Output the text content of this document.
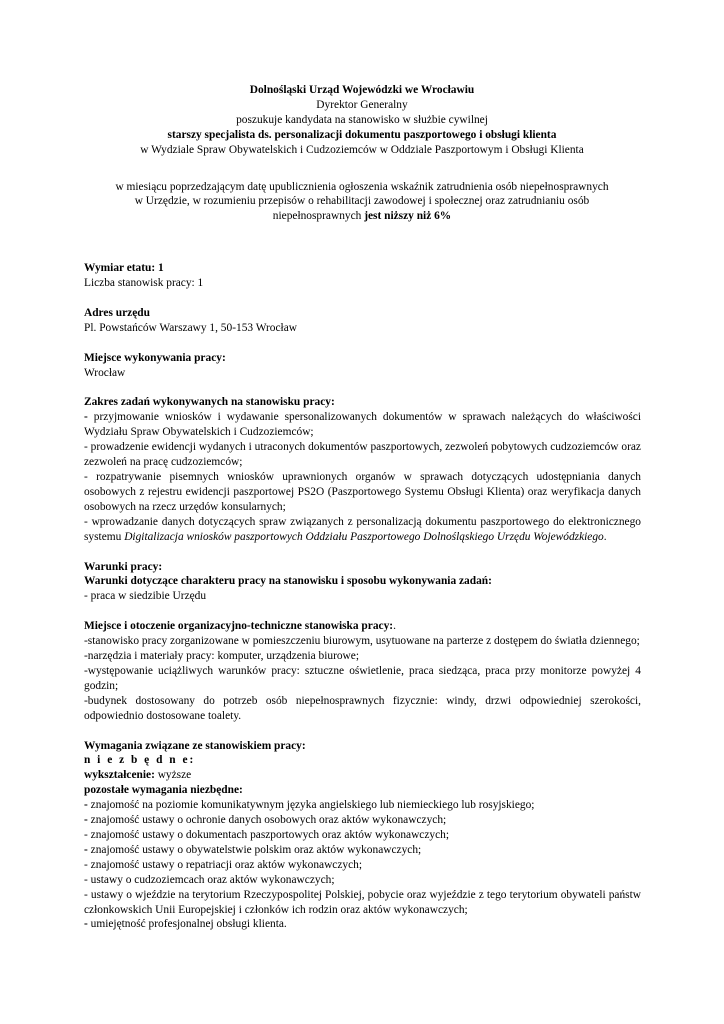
Dolnośląski Urząd Wojewódzki we Wrocławiu
Dyrektor Generalny
poszukuje kandydata na stanowisko w służbie cywilnej
starszy specjalista ds. personalizacji dokumentu paszportowego i obsługi klienta
w Wydziale Spraw Obywatelskich i Cudzoziemców w Oddziale Paszportowym i Obsługi Klienta
w miesiącu poprzedzającym datę upublicznienia ogłoszenia wskaźnik zatrudnienia osób niepełnosprawnych
w Urzędzie, w rozumieniu przepisów o rehabilitacji zawodowej i społecznej oraz zatrudnianiu osób
niepełnosprawnych jest niższy niż 6%
Wymiar etatu: 1
Liczba stanowisk pracy: 1
Adres urzędu
Pl. Powstańców Warszawy 1, 50-153 Wrocław
Miejsce wykonywania pracy:
Wrocław
Zakres zadań wykonywanych na stanowisku pracy:

- przyjmowanie wniosków i wydawanie spersonalizowanych dokumentów w sprawach należących do właściwości Wydziału Spraw Obywatelskich i Cudzoziemców;

- prowadzenie ewidencji wydanych i utraconych dokumentów paszportowych, zezwoleń pobytowych cudzoziemców oraz zezwoleń na pracę cudzoziemców;

- rozpatrywanie pisemnych wniosków uprawnionych organów w sprawach dotyczących udostępniania danych osobowych z rejestru ewidencji paszportowej PS2O (Paszportowego Systemu Obsługi Klienta) oraz weryfikacja danych osobowych na rzecz urzędów konsularnych;

- wprowadzanie danych dotyczących spraw związanych z personalizacją dokumentu paszportowego do elektronicznego systemu Digitalizacja wniosków paszportowych Oddziału Paszportowego Dolnośląskiego Urzędu Wojewódzkiego.

Warunki pracy:
Warunki dotyczące charakteru pracy na stanowisku i sposobu wykonywania zadań:
- praca w siedzibie Urzędu
Miejsce i otoczenie organizacyjno-techniczne stanowiska pracy:.

-stanowisko pracy zorganizowane w pomieszczeniu biurowym, usytuowane na parterze z dostępem do światła dziennego;

-narzędzia i materiały pracy: komputer, urządzenia biurowe;

-występowanie uciążliwych warunków pracy: sztuczne oświetlenie, praca siedząca, praca przy monitorze powyżej 4 godzin;

-budynek dostosowany do potrzeb osób niepełnosprawnych fizycznie: windy, drzwi odpowiedniej szerokości, odpowiednio dostosowane toalety.

Wymagania związane ze stanowiskiem pracy:
n i e z b ę d n e:
wykształcenie: wyższe
pozostałe wymagania niezbędne:
- znajomość na poziomie komunikatywnym języka angielskiego lub niemieckiego lub rosyjskiego;
- znajomość ustawy o ochronie danych osobowych oraz aktów wykonawczych;
- znajomość ustawy o dokumentach paszportowych oraz aktów wykonawczych;
- znajomość ustawy o obywatelstwie polskim oraz aktów wykonawczych;
- znajomość ustawy o repatriacji oraz aktów wykonawczych;
- ustawy o cudzoziemcach oraz aktów wykonawczych;

- ustawy o wjeździe na terytorium Rzeczypospolitej Polskiej, pobycie oraz wyjeździe z tego terytorium obywateli państw członkowskich Unii Europejskiej i członków ich rodzin oraz aktów wykonawczych;

- umiejętność profesjonalnej obsługi klienta.
